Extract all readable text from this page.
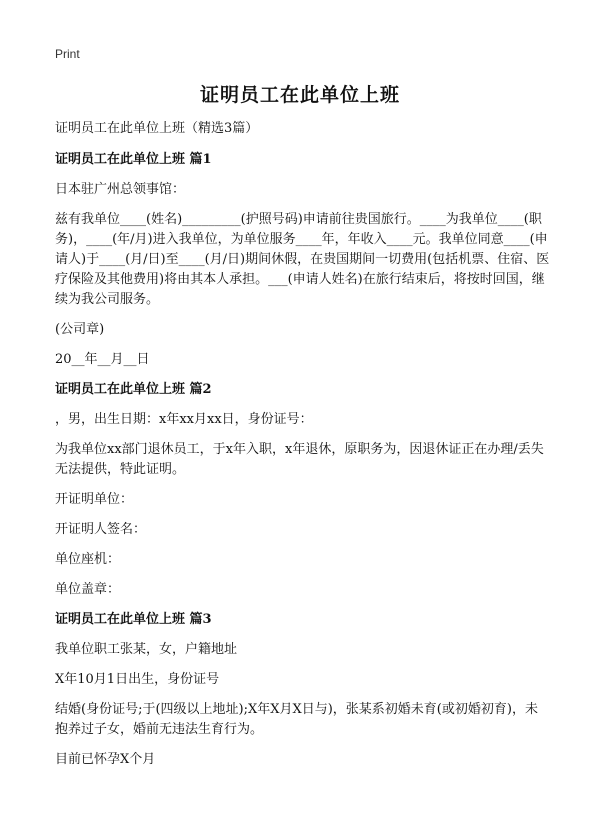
Print
证明员工在此单位上班
证明员工在此单位上班（精选3篇）
证明员工在此单位上班 篇1
日本驻广州总领事馆：
兹有我单位____(姓名)_________(护照号码)申请前往贵国旅行。____为我单位____(职务)，____(年/月)进入我单位，为单位服务____年，年收入____元。我单位同意____(申请人)于____(月/日)至____(月/日)期间休假，在贵国期间一切费用(包括机票、住宿、医疗保险及其他费用)将由其本人承担。___(申请人姓名)在旅行结束后，将按时回国，继续为我公司服务。
(公司章)
20__年__月__日
证明员工在此单位上班 篇2
，男，出生日期：x年xx月xx日，身份证号：
为我单位xx部门退休员工，于x年入职，x年退休，原职务为，因退休证正在办理/丢失无法提供，特此证明。
开证明单位：
开证明人签名：
单位座机：
单位盖章：
证明员工在此单位上班 篇3
我单位职工张某，女，户籍地址
X年10月1日出生，身份证号
结婚(身份证号;于(四级以上地址);X年X月X日与)，张某系初婚未育(或初婚初育)，未抱养过子女，婚前无违法生育行为。
目前已怀孕X个月
